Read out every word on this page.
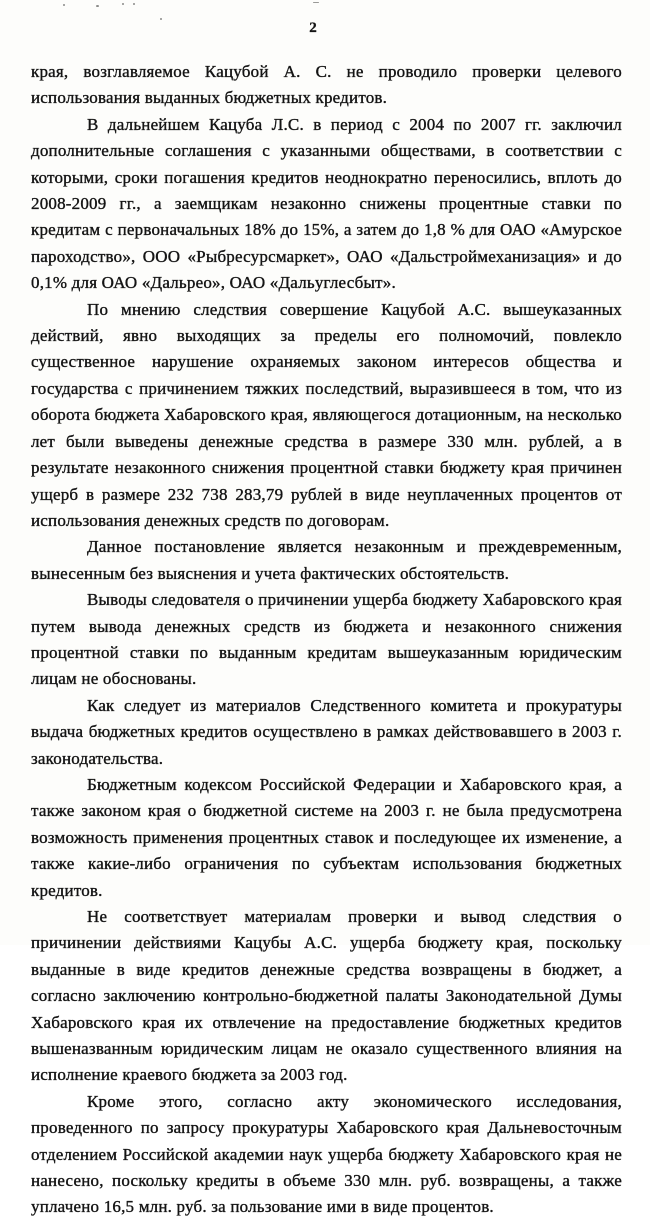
2

края, возглавляемое Кацубой А. С. не проводило проверки целевого использования выданных бюджетных кредитов.

В дальнейшем Кацуба Л.С. в период с 2004 по 2007 гг. заключил дополнительные соглашения с указанными обществами, в соответствии с которыми, сроки погашения кредитов неоднократно переносились, вплоть до 2008-2009 гг., а заемщикам незаконно снижены процентные ставки по кредитам с первоначальных 18% до 15%, а затем до 1,8 % для ОАО «Амурское пароходство», ООО «Рыбресурсмаркет», ОАО «Дальстроймеханизация» и до 0,1% для ОАО «Дальрео», ОАО «Дальуглесбыт».

По мнению следствия совершение Кацубой А.С. вышеуказанных действий, явно выходящих за пределы его полномочий, повлекло существенное нарушение охраняемых законом интересов общества и государства с причинением тяжких последствий, выразившееся в том, что из оборота бюджета Хабаровского края, являющегося дотационным, на несколько лет были выведены денежные средства в размере 330 млн. рублей, а в результате незаконного снижения процентной ставки бюджету края причинен ущерб в размере 232 738 283,79 рублей в виде неуплаченных процентов от использования денежных средств по договорам.

Данное постановление является незаконным и преждевременным, вынесенным без выяснения и учета фактических обстоятельств.

Выводы следователя о причинении ущерба бюджету Хабаровского края путем вывода денежных средств из бюджета и незаконного снижения процентной ставки по выданным кредитам вышеуказанным юридическим лицам не обоснованы.

Как следует из материалов Следственного комитета и прокуратуры выдача бюджетных кредитов осуществлено в рамках действовавшего в 2003 г. законодательства.

Бюджетным кодексом Российской Федерации и Хабаровского края, а также законом края о бюджетной системе на 2003 г. не была предусмотрена возможность применения процентных ставок и последующее их изменение, а также какие-либо ограничения по субъектам использования бюджетных кредитов.

Не соответствует материалам проверки и вывод следствия о причинении действиями Кацубы А.С. ущерба бюджету края, поскольку выданные в виде кредитов денежные средства возвращены в бюджет, а согласно заключению контрольно-бюджетной палаты Законодательной Думы Хабаровского края их отвлечение на предоставление бюджетных кредитов вышеназванным юридическим лицам не оказало существенного влияния на исполнение краевого бюджета за 2003 год.

Кроме этого, согласно акту экономического исследования, проведенного по запросу прокуратуры Хабаровского края Дальневосточным отделением Российской академии наук ущерба бюджету Хабаровского края не нанесено, поскольку кредиты в объеме 330 млн. руб. возвращены, а также уплачено 16,5 млн. руб. за пользование ими в виде процентов.
